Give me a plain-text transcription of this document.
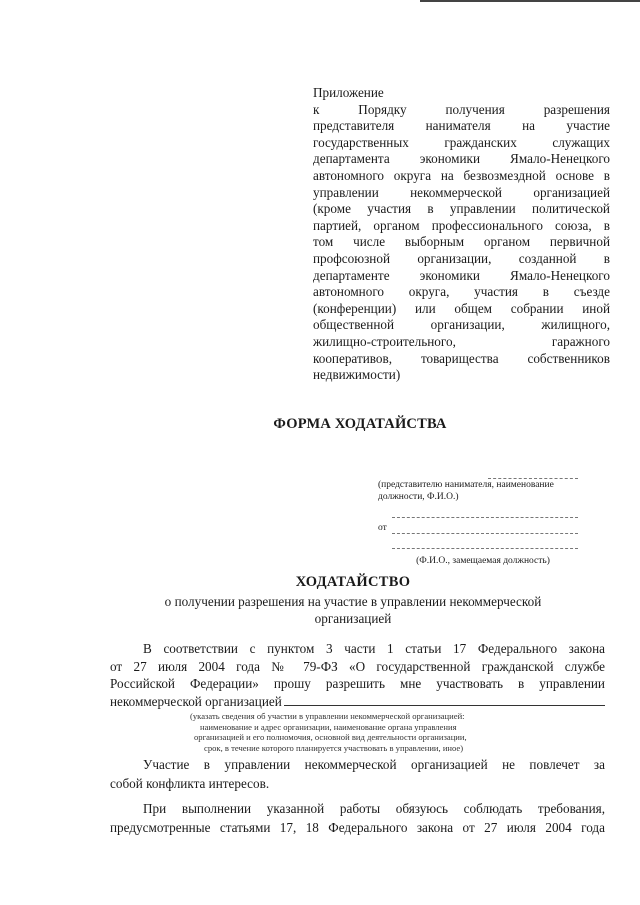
Приложение
к Порядку получения разрешения
представителя нанимателя на участие
государственных гражданских служащих
департамента экономики Ямало-Ненецкого
автономного округа на безвозмездной основе в
управлении некоммерческой организацией
(кроме участия в управлении политической
партией, органом профессионального союза, в
том числе выборным органом первичной
профсоюзной организации, созданной в
департаменте экономики Ямало-Ненецкого
автономного округа, участия в съезде
(конференции) или общем собрании иной
общественной организации, жилищного,
жилищно-строительного, гаражного
кооперативов, товарищества собственников
недвижимости)
ФОРМА ХОДАТАЙСТВА
(представителю нанимателя, наименование должности, Ф.И.О.)
от
(Ф.И.О., замещаемая должность)
ХОДАТАЙСТВО
о получении разрешения на участие в управлении некоммерческой
организацией
В соответствии с пунктом 3 части 1 статьи 17 Федерального закона
от 27 июля 2004 года № 79-ФЗ «О государственной гражданской службе
Российской Федерации» прошу разрешить мне участвовать в управлении
некоммерческой организацией
(указать сведения об участии в управлении некоммерческой организацией:
наименование и адрес организации, наименование органа управления
организацией и его полномочия, основной вид деятельности организации,
срок, в течение которого планируется участвовать в управлении, иное)
Участие в управлении некоммерческой организацией не повлечет за
собой конфликта интересов.
При выполнении указанной работы обязуюсь соблюдать требования,
предусмотренные статьями 17, 18 Федерального закона от 27 июля 2004 года
